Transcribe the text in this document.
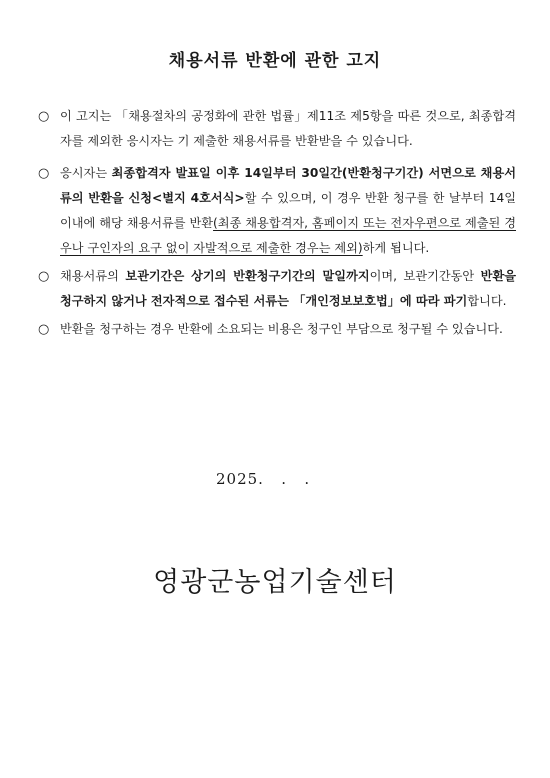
채용서류 반환에 관한 고지
○ 이 고지는 「채용절차의 공정화에 관한 법률」제11조 제5항을 따른 것으로, 최종합격자를 제외한 응시자는 기 제출한 채용서류를 반환받을 수 있습니다.
○ 응시자는 최종합격자 발표일 이후 14일부터 30일간(반환청구기간) 서면으로 채용서류의 반환을 신청<별지 4호서식>할 수 있으며, 이 경우 반환 청구를 한 날부터 14일 이내에 해당 채용서류를 반환(최종 채용합격자, 홈페이지 또는 전자우편으로 제출된 경우나 구인자의 요구 없이 자발적으로 제출한 경우는 제외)하게 됩니다.
○ 채용서류의 보관기간은 상기의 반환청구기간의 말일까지이며, 보관기간동안 반환을 청구하지 않거나 전자적으로 접수된 서류는 「개인정보보호법」에 따라 파기합니다.
○ 반환을 청구하는 경우 반환에 소요되는 비용은 청구인 부담으로 청구될 수 있습니다.
2025.   .   .
영광군농업기술센터
